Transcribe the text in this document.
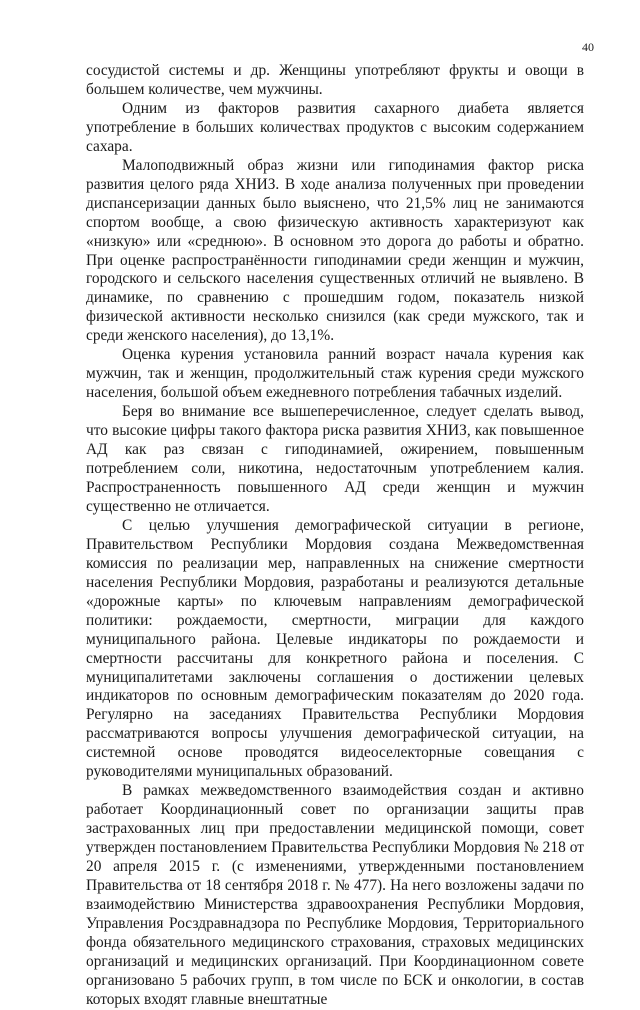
40

сосудистой системы и др. Женщины употребляют фрукты и овощи в большем количестве, чем мужчины.

Одним из факторов развития сахарного диабета является употребление в больших количествах продуктов с высоким содержанием сахара.

Малоподвижный образ жизни или гиподинамия фактор риска развития целого ряда ХНИЗ. В ходе анализа полученных при проведении диспансеризации данных было выяснено, что 21,5% лиц не занимаются спортом вообще, а свою физическую активность характеризуют как «низкую» или «среднюю». В основном это дорога до работы и обратно. При оценке распространённости гиподинамии среди женщин и мужчин, городского и сельского населения существенных отличий не выявлено. В динамике, по сравнению с прошедшим годом, показатель низкой физической активности несколько снизился (как среди мужского, так и среди женского населения), до 13,1%.

Оценка курения установила ранний возраст начала курения как мужчин, так и женщин, продолжительный стаж курения среди мужского населения, большой объем ежедневного потребления табачных изделий.

Беря во внимание все вышеперечисленное, следует сделать вывод, что высокие цифры такого фактора риска развития ХНИЗ, как повышенное АД как раз связан с гиподинамией, ожирением, повышенным потреблением соли, никотина, недостаточным употреблением калия. Распространенность повышенного АД среди женщин и мужчин существенно не отличается.

С целью улучшения демографической ситуации в регионе, Правительством Республики Мордовия создана Межведомственная комиссия по реализации мер, направленных на снижение смертности населения Республики Мордовия, разработаны и реализуются детальные «дорожные карты» по ключевым направлениям демографической политики: рождаемости, смертности, миграции для каждого муниципального района. Целевые индикаторы по рождаемости и смертности рассчитаны для конкретного района и поселения. С муниципалитетами заключены соглашения о достижении целевых индикаторов по основным демографическим показателям до 2020 года. Регулярно на заседаниях Правительства Республики Мордовия рассматриваются вопросы улучшения демографической ситуации, на системной основе проводятся видеоселекторные совещания с руководителями муниципальных образований.

В рамках межведомственного взаимодействия создан и активно работает Координационный совет по организации защиты прав застрахованных лиц при предоставлении медицинской помощи, совет утвержден постановлением Правительства Республики Мордовия № 218 от 20 апреля 2015 г. (с изменениями, утвержденными постановлением Правительства от 18 сентября 2018 г. № 477). На него возложены задачи по взаимодействию Министерства здравоохранения Республики Мордовия, Управления Росздравнадзора по Республике Мордовия, Территориального фонда обязательного медицинского страхования, страховых медицинских организаций и медицинских организаций. При Координационном совете организовано 5 рабочих групп, в том числе по БСК и онкологии, в состав которых входят главные внештатные
